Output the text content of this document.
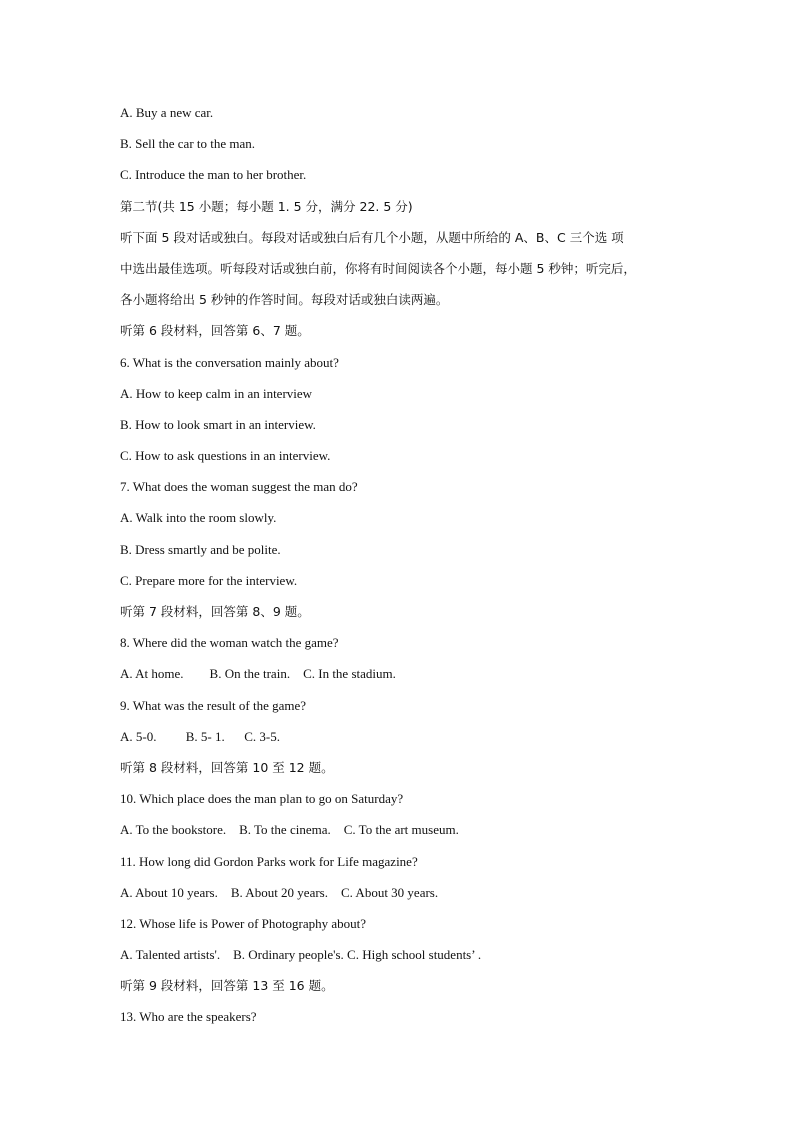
A. Buy a new car.
B. Sell the car to the man.
C. Introduce the man to her brother.
第二节(共 15 小题；每小题 1. 5 分，满分 22. 5 分)
听下面 5 段对话或独白。每段对话或独白后有几个小题，从题中所给的 A、B、C 三个选 项
中选出最佳选项。听每段对话或独白前，你将有时间阅读各个小题，每小题 5 秒钟；听完后，
各小题将给出 5 秒钟的作答时间。每段对话或独白读两遍。
听第 6 段材料，回答第 6、7 题。
6. What is the conversation mainly about?
A. How to keep calm in an interview
B. How to look smart in an interview.
C. How to ask questions in an interview.
7. What does the woman suggest the man do?
A. Walk into the room slowly.
B. Dress smartly and be polite.
C. Prepare more for the interview.
听第 7 段材料，回答第 8、9 题。
8. Where did the woman watch the game?
A. At home.        B. On the train.    C. In the stadium.
9. What was the result of the game?
A. 5-0.         B. 5- 1.      C. 3-5.
听第 8 段材料，回答第 10 至 12 题。
10. Which place does the man plan to go on Saturday?
A. To the bookstore.    B. To the cinema.    C. To the art museum.
11. How long did Gordon Parks work for Life magazine?
A. About 10 years.    B. About 20 years.    C. About 30 years.
12. Whose life is Power of Photography about?
A. Talented artists'.    B. Ordinary people's. C. High school students’ .
听第 9 段材料，回答第 13 至 16 题。
13. Who are the speakers?
